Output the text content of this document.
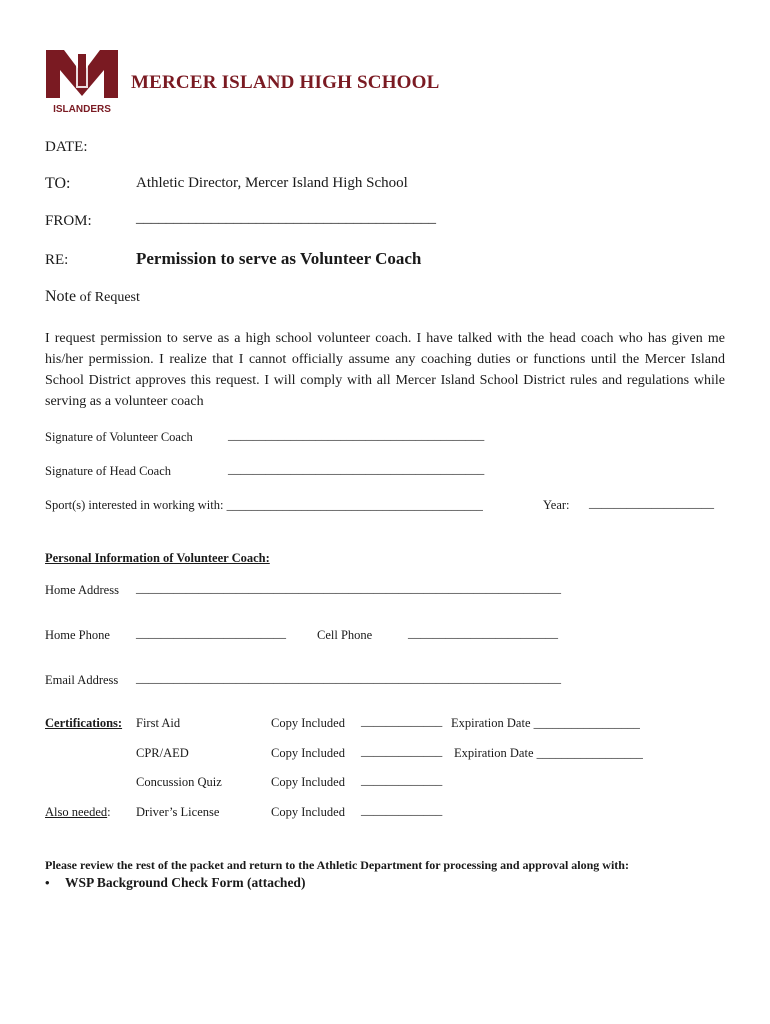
ISLANDERS
MERCER ISLAND HIGH SCHOOL
DATE:
TO:	Athletic Director, Mercer Island High School
FROM:	________________________________________
RE:	Permission to serve as Volunteer Coach
Note of Request
I request permission to serve as a high school volunteer coach. I have talked with the head coach who has given me his/her permission. I realize that I cannot officially assume any coaching duties or functions until the Mercer Island School District approves this request. I will comply with all Mercer Island School District rules and regulations while serving as a volunteer coach
Signature of Volunteer Coach	_________________________________________
Signature of Head Coach	_________________________________________
Sport(s) interested in working with: _________________________________________	Year: ____________________
Personal Information of Volunteer Coach:
Home Address ____________________________________________________________________
Home Phone ________________________ Cell Phone	________________________
Email Address ____________________________________________________________________
Certifications: First Aid	Copy Included _____________ Expiration Date _________________
CPR/AED	Copy Included _____________ Expiration Date _________________
Concussion Quiz	Copy Included _____________
Also needed: Driver’s License	Copy Included _____________
Please review the rest of the packet and return to the Athletic Department for processing and approval along with:
• WSP Background Check Form (attached)
